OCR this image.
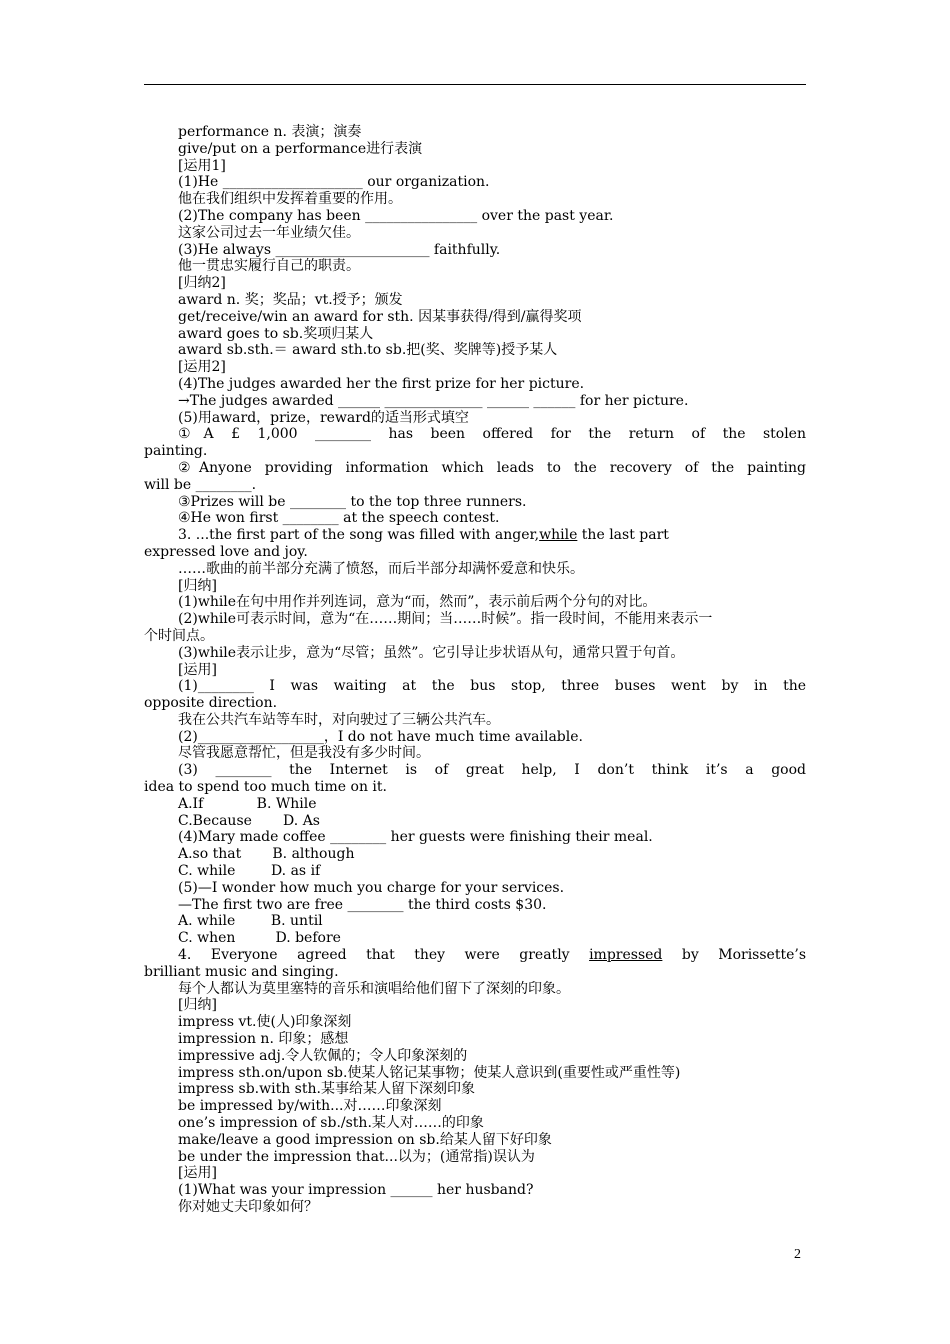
performance n. 表演；演奏

give/put on a performance进行表演

[运用1]

(1)He ____________________ our organization.

他在我们组织中发挥着重要的作用。

(2)The company has been ________________ over the past year.

这家公司过去一年业绩欠佳。

(3)He always ______________________ faithfully.

他一贯忠实履行自己的职责。

[归纳2]

award n. 奖；奖品；vt.授予；颁发

get/receive/win an award for sth. 因某事获得/得到/赢得奖项

award goes to sb.奖项归某人

award sb.sth.＝ award sth.to sb.把(奖、奖牌等)授予某人

[运用2]

(4)The judges awarded her the first prize for her picture.

→The judges awarded ______ ______________ ______ ______ for her picture.

(5)用award，prize，reward的适当形式填空

①A £ 1,000 ________ has been offered for the return of the stolen

painting.

②Anyone providing information which leads to the recovery of the painting

will be ________.

③Prizes will be ________ to the top three runners.

④He won first ________ at the speech contest.

3. ...the first part of the song was filled with anger,while the last part

expressed love and joy.

……歌曲的前半部分充满了愤怒，而后半部分却满怀爱意和快乐。

[归纳]

(1)while在句中用作并列连词，意为“而，然而”，表示前后两个分句的对比。

(2)while可表示时间，意为“在……期间；当……时候”。指一段时间，不能用来表示一

个时间点。

(3)while表示让步，意为“尽管；虽然”。它引导让步状语从句，通常只置于句首。

[运用]

(1)________ I was waiting at the bus stop, three buses went by in the

opposite direction.

我在公共汽车站等车时，对向驶过了三辆公共汽车。

(2)__________________，I do not have much time available.

尽管我愿意帮忙，但是我没有多少时间。

(3) ________ the Internet is of great help, I don’t think it’s a good

idea to spend too much time on it.

A.If            B. While

C.Because       D. As

(4)Mary made coffee ________ her guests were finishing their meal.

A.so that       B. although

C. while        D. as if

(5)—I wonder how much you charge for your services.

—The first two are free ________ the third costs $30.

A. while        B. until

C. when         D. before

4. Everyone agreed that they were greatly impressed by Morissette’s

brilliant music and singing.

每个人都认为莫里塞特的音乐和演唱给他们留下了深刻的印象。

[归纳]

impress vt.使(人)印象深刻

impression n. 印象；感想

impressive adj.令人钦佩的；令人印象深刻的

impress sth.on/upon sb.使某人铭记某事物；使某人意识到(重要性或严重性等)

impress sb.with sth.某事给某人留下深刻印象

be impressed by/with...对……印象深刻

one’s impression of sb./sth.某人对……的印象

make/leave a good impression on sb.给某人留下好印象

be under the impression that...以为；(通常指)误认为

[运用]

(1)What was your impression ______ her husband?

你对她丈夫印象如何？

2
